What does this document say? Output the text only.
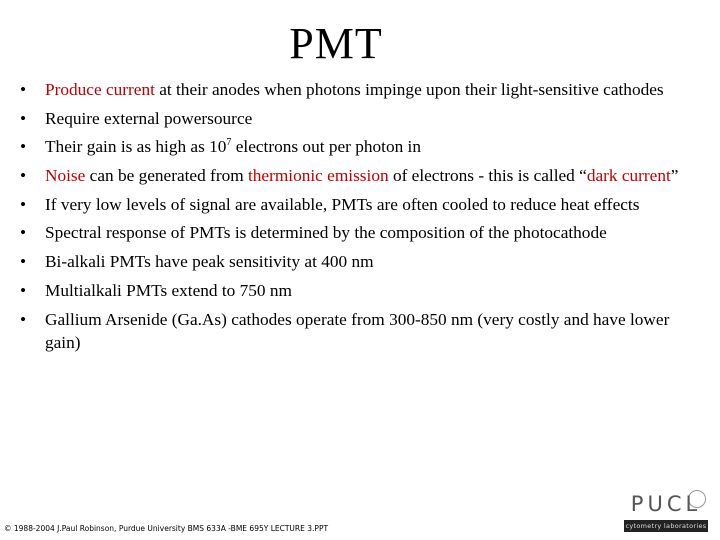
PMT
• Produce current at their anodes when photons impinge upon their light-sensitive cathodes
• Require external powersource
• Their gain is as high as $10^7$ electrons out per photon in
• Noise can be generated from thermionic emission of electrons - this is called “dark current”
• If very low levels of signal are available, PMTs are often cooled to reduce heat effects
• Spectral response of PMTs is determined by the composition of the photocathode
• Bi-alkali PMTs have peak sensitivity at 400 nm
• Multialkali PMTs extend to 750 nm
• Gallium Arsenide (Ga.As) cathodes operate from 300-850 nm (very costly and have lower gain)
© 1988-2004 J.Paul Robinson, Purdue University BMS 633A -BME 695Y LECTURE 3.PPT
PUCL
cytometry laboratories
